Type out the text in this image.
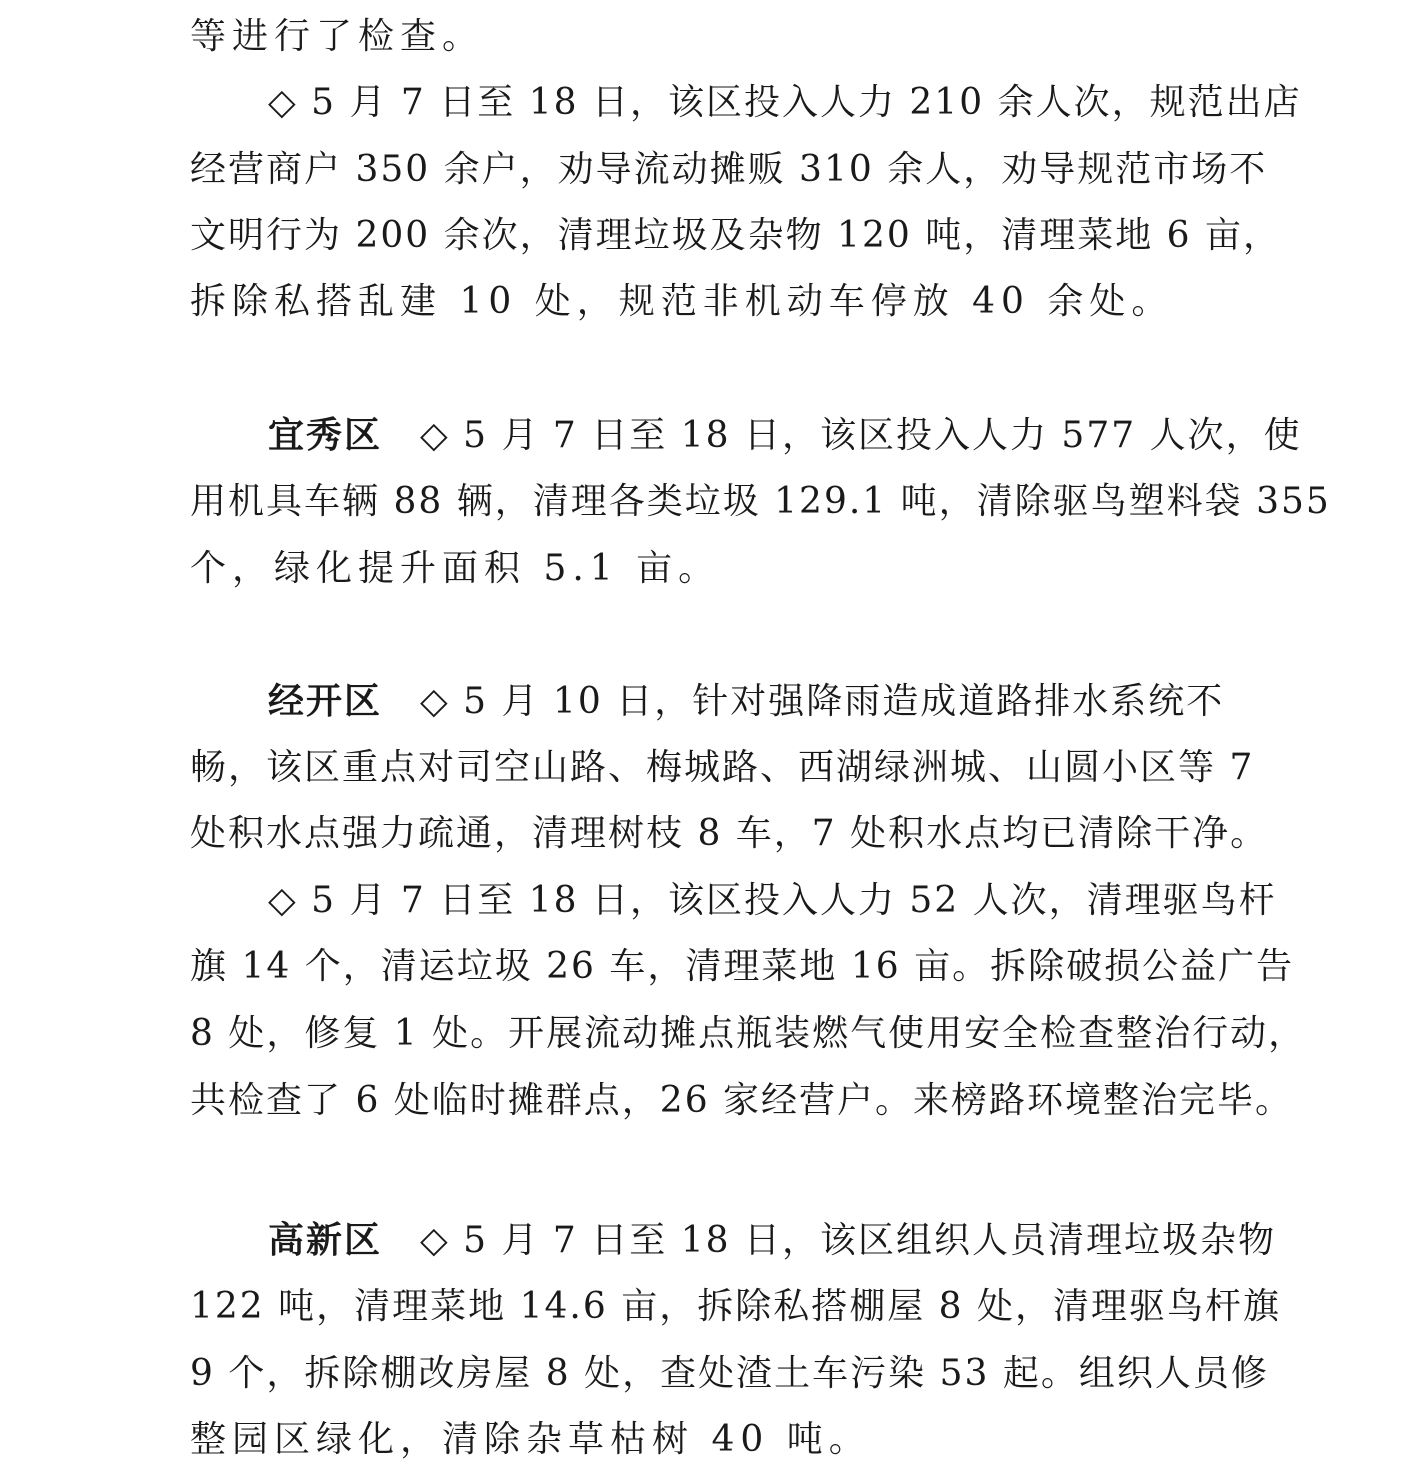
等进行了检查。
◇ 5 月 7 日至 18 日，该区投入人力 210 余人次，规范出店
经营商户 350 余户，劝导流动摊贩 310 余人，劝导规范市场不
文明行为 200 余次，清理垃圾及杂物 120 吨，清理菜地 6 亩，
拆除私搭乱建 10 处，规范非机动车停放 40 余处。
宜秀区 ◇ 5 月 7 日至 18 日，该区投入人力 577 人次，使
用机具车辆 88 辆，清理各类垃圾 129.1 吨，清除驱鸟塑料袋 355
个，绿化提升面积 5.1 亩。
经开区 ◇ 5 月 10 日，针对强降雨造成道路排水系统不
畅，该区重点对司空山路、梅城路、西湖绿洲城、山圆小区等 7
处积水点强力疏通，清理树枝 8 车，7 处积水点均已清除干净。
◇ 5 月 7 日至 18 日，该区投入人力 52 人次，清理驱鸟杆
旗 14 个，清运垃圾 26 车，清理菜地 16 亩。拆除破损公益广告
8 处，修复 1 处。开展流动摊点瓶装燃气使用安全检查整治行动，
共检查了 6 处临时摊群点，26 家经营户。来榜路环境整治完毕。
高新区 ◇ 5 月 7 日至 18 日，该区组织人员清理垃圾杂物
122 吨，清理菜地 14.6 亩，拆除私搭棚屋 8 处，清理驱鸟杆旗
9 个，拆除棚改房屋 8 处，查处渣土车污染 53 起。组织人员修
整园区绿化，清除杂草枯树 40 吨。
